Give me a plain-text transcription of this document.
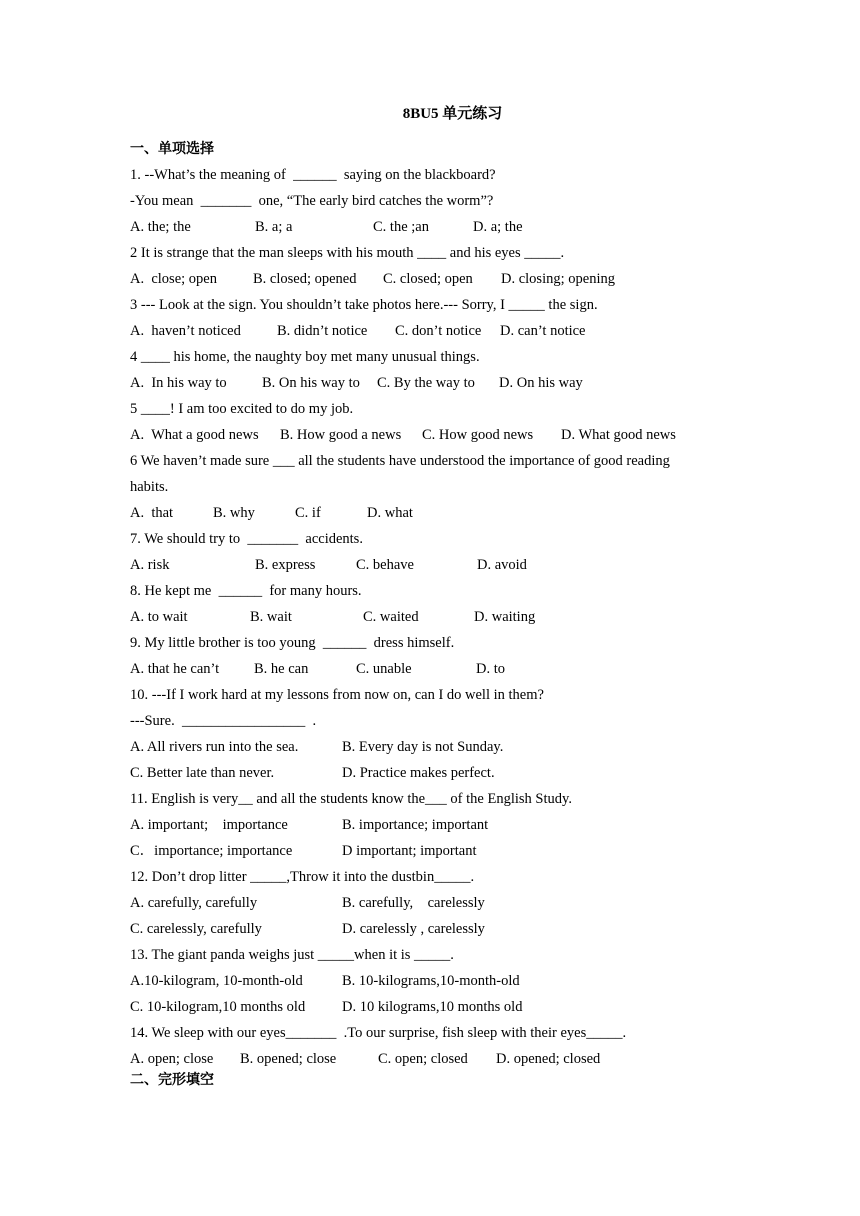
8BU5 单元练习
一、单项选择
1. --What’s the meaning of  ______  saying on the blackboard?
-You mean  _______  one, “The early bird catches the worm”?
A. the; the	B. a; a	C. the ;an	D. a; the
2 It is strange that the man sleeps with his mouth ____ and his eyes _____.
A.  close; open B. closed; opened C. closed; open D. closing; opening
3 --- Look at the sign. You shouldn’t take photos here.--- Sorry, I _____ the sign.
A.  haven’t noticed B. didn’t notice C. don’t notice D. can’t notice
4 ____ his home, the naughty boy met many unusual things.
A.  In his way to B. On his way to C. By the way to D. On his way
5 ____! I am too excited to do my job.
A.  What a good news B. How good a news C. How good news D. What good news
6 We haven’t made sure ___ all the students have understood the importance of good reading
habits.
A.  that	B. why	C. if	D. what
7. We should try to  _______  accidents.
A. risk	B. express	C. behave	D. avoid
8. He kept me  ______  for many hours.
A. to wait	B. wait	C. waited	D. waiting
9. My little brother is too young  ______  dress himself.
A. that he can’t B. he can	C. unable	D. to
10. ---If I work hard at my lessons from now on, can I do well in them?
---Sure.  _________________  .
A. All rivers run into the sea.	B. Every day is not Sunday.
C. Better late than never.	D. Practice makes perfect.
11. English is very__ and all the students know the___ of the English Study.
A. important;    importance	B. importance; important
C．importance; importance	D important; important
12. Don’t drop litter _____,Throw it into the dustbin_____.
A. carefully, carefully	B. carefully,    carelessly
C. carelessly, carefully	D. carelessly , carelessly
13. The giant panda weighs just _____when it is _____.
A.10-kilogram, 10-month-old	B. 10-kilograms,10-month-old
C. 10-kilogram,10 months old	D. 10 kilograms,10 months old
14. We sleep with our eyes_______  .To our surprise, fish sleep with their eyes_____.
A. open; close B. opened; close	C. open; closed D. opened; closed
二、完形填空
